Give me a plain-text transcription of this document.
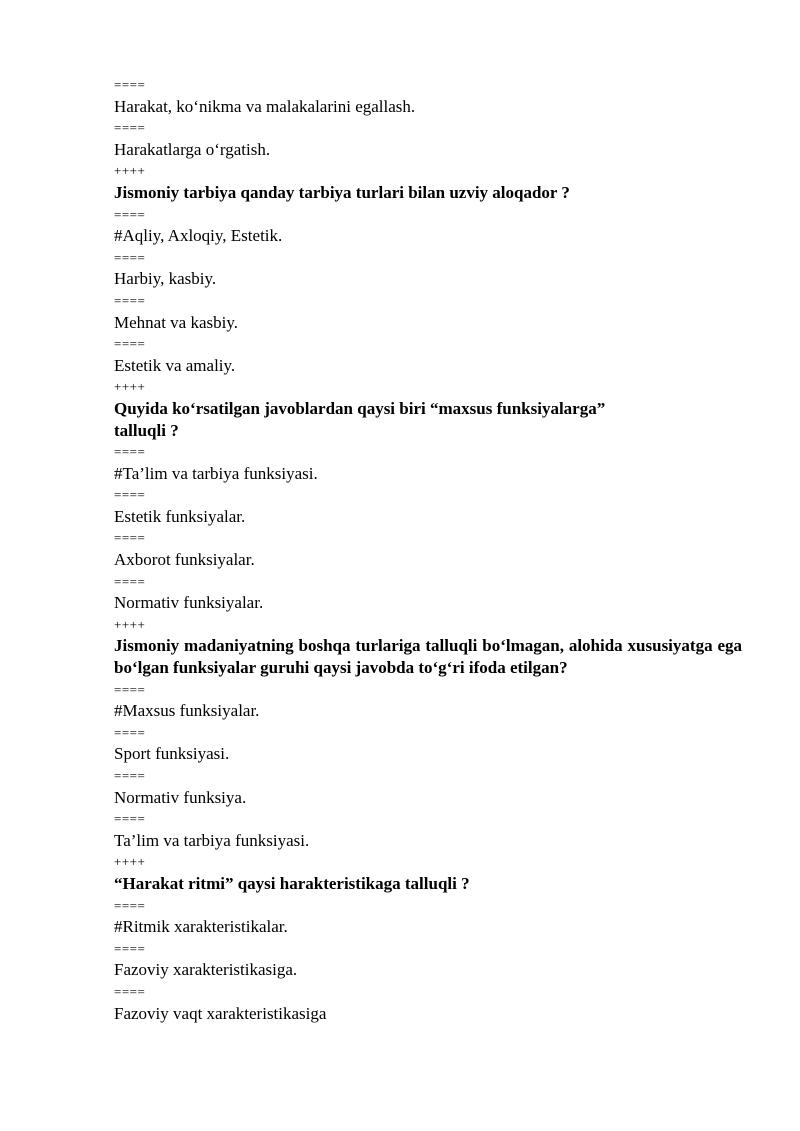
====
Harakat, koʻnikma va malakalarini egallash.
====
Harakatlarga oʻrgatish.
++++
Jismoniy tarbiya qanday tarbiya turlari bilan uzviy aloqador ?
====
#Aqliy, Axloqiy, Estetik.
====
Harbiy, kasbiy.
====
Mehnat va kasbiy.
====
Estetik va amaliy.
++++
Quyida koʻrsatilgan javoblardan qaysi biri “maxsus funksiyalarga”
talluqli ?
====
#Ta’lim va tarbiya funksiyasi.
====
Estetik funksiyalar.
====
Axborot funksiyalar.
====
Normativ funksiyalar.
++++
Jismoniy madaniyatning boshqa turlariga talluqli boʻlmagan, alohida xususiyatga ega boʻlgan funksiyalar guruhi qaysi javobda toʻgʻri ifoda etilgan?
====
#Maxsus funksiyalar.
====
Sport funksiyasi.
====
Normativ funksiya.
====
Ta’lim va tarbiya funksiyasi.
++++
“Harakat ritmi” qaysi harakteristikaga talluqli ?
====
#Ritmik xarakteristikalar.
====
Fazoviy xarakteristikasiga.
====
Fazoviy vaqt xarakteristikasiga
